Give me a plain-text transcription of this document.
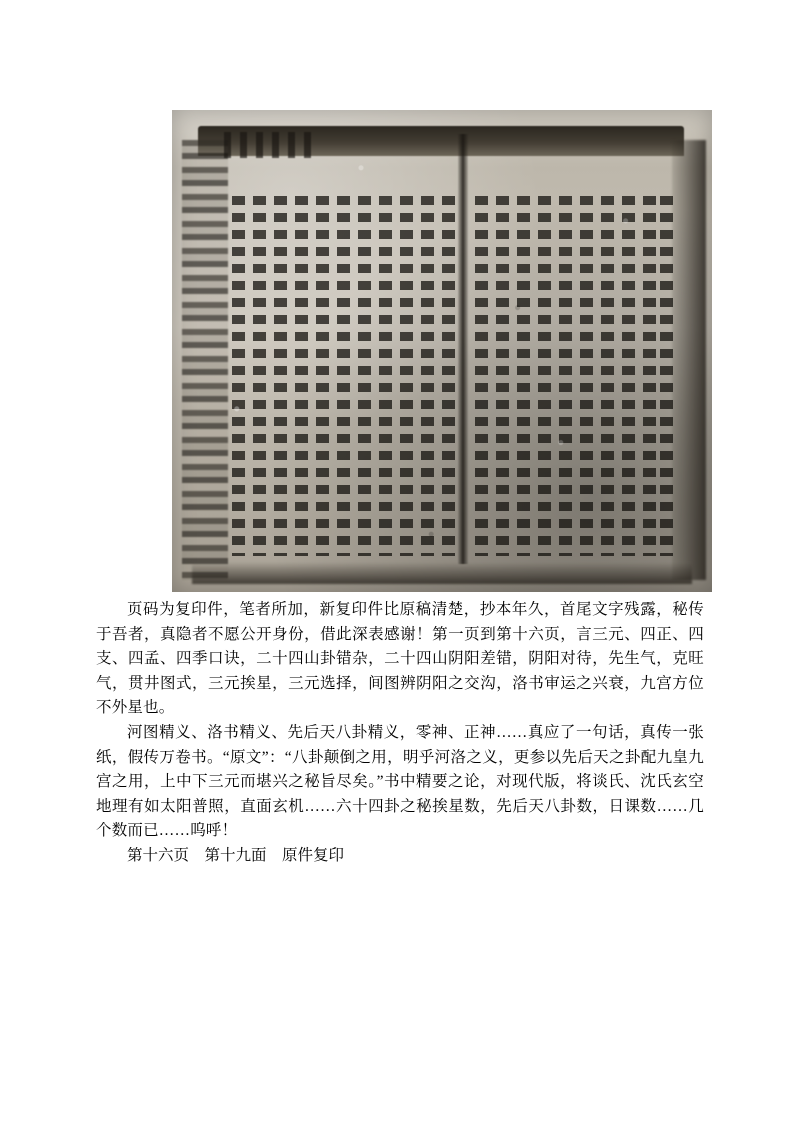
页码为复印件，笔者所加，新复印件比原稿清楚，抄本年久，首尾文字残露，秘传于吾者，真隐者不愿公开身份，借此深表感谢！第一页到第十六页，言三元、四正、四支、四孟、四季口诀，二十四山卦错杂，二十四山阴阳差错，阴阳对待，先生气，克旺气，贯井图式，三元挨星，三元选择，间图辨阴阳之交沟，洛书审运之兴衰，九宫方位不外星也。

河图精义、洛书精义、先后天八卦精义，零神、正神……真应了一句话，真传一张纸，假传万卷书。“原文”：“八卦颠倒之用，明乎河洛之义，更参以先后天之卦配九皇九宫之用，上中下三元而堪兴之秘旨尽矣。”书中精要之论，对现代版，将谈氏、沈氏玄空地理有如太阳普照，直面玄机……六十四卦之秘挨星数，先后天八卦数，日课数……几个数而已……呜呼！

第十六页　第十九面　原件复印
